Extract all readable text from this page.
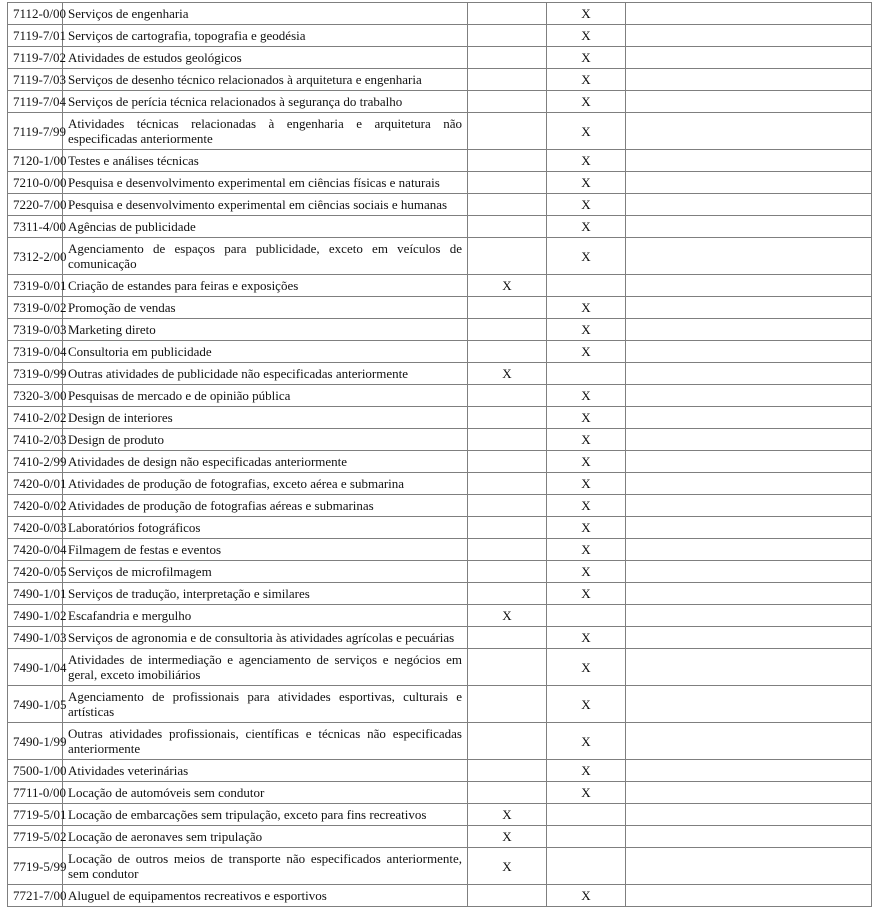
7112-0/00	Serviços de engenharia		X	
7119-7/01	Serviços de cartografia, topografia e geodésia		X	
7119-7/02	Atividades de estudos geológicos		X	
7119-7/03	Serviços de desenho técnico relacionados à arquitetura e engenharia		X	
7119-7/04	Serviços de perícia técnica relacionados à segurança do trabalho		X	
7119-7/99	Atividades técnicas relacionadas à engenharia e arquitetura não especificadas anteriormente		X	
7120-1/00	Testes e análises técnicas		X	
7210-0/00	Pesquisa e desenvolvimento experimental em ciências físicas e naturais		X	
7220-7/00	Pesquisa e desenvolvimento experimental em ciências sociais e humanas		X	
7311-4/00	Agências de publicidade		X	
7312-2/00	Agenciamento de espaços para publicidade, exceto em veículos de comunicação		X	
7319-0/01	Criação de estandes para feiras e exposições	X		
7319-0/02	Promoção de vendas		X	
7319-0/03	Marketing direto		X	
7319-0/04	Consultoria em publicidade		X	
7319-0/99	Outras atividades de publicidade não especificadas anteriormente	X		
7320-3/00	Pesquisas de mercado e de opinião pública		X	
7410-2/02	Design de interiores		X	
7410-2/03	Design de produto		X	
7410-2/99	Atividades de design não especificadas anteriormente		X	
7420-0/01	Atividades de produção de fotografias, exceto aérea e submarina		X	
7420-0/02	Atividades de produção de fotografias aéreas e submarinas		X	
7420-0/03	Laboratórios fotográficos		X	
7420-0/04	Filmagem de festas e eventos		X	
7420-0/05	Serviços de microfilmagem		X	
7490-1/01	Serviços de tradução, interpretação e similares		X	
7490-1/02	Escafandria e mergulho	X		
7490-1/03	Serviços de agronomia e de consultoria às atividades agrícolas e pecuárias		X	
7490-1/04	Atividades de intermediação e agenciamento de serviços e negócios em geral, exceto imobiliários		X	
7490-1/05	Agenciamento de profissionais para atividades esportivas, culturais e artísticas		X	
7490-1/99	Outras atividades profissionais, científicas e técnicas não especificadas anteriormente		X	
7500-1/00	Atividades veterinárias		X	
7711-0/00	Locação de automóveis sem condutor		X	
7719-5/01	Locação de embarcações sem tripulação, exceto para fins recreativos	X		
7719-5/02	Locação de aeronaves sem tripulação	X		
7719-5/99	Locação de outros meios de transporte não especificados anteriormente, sem condutor	X		
7721-7/00	Aluguel de equipamentos recreativos e esportivos		X	
